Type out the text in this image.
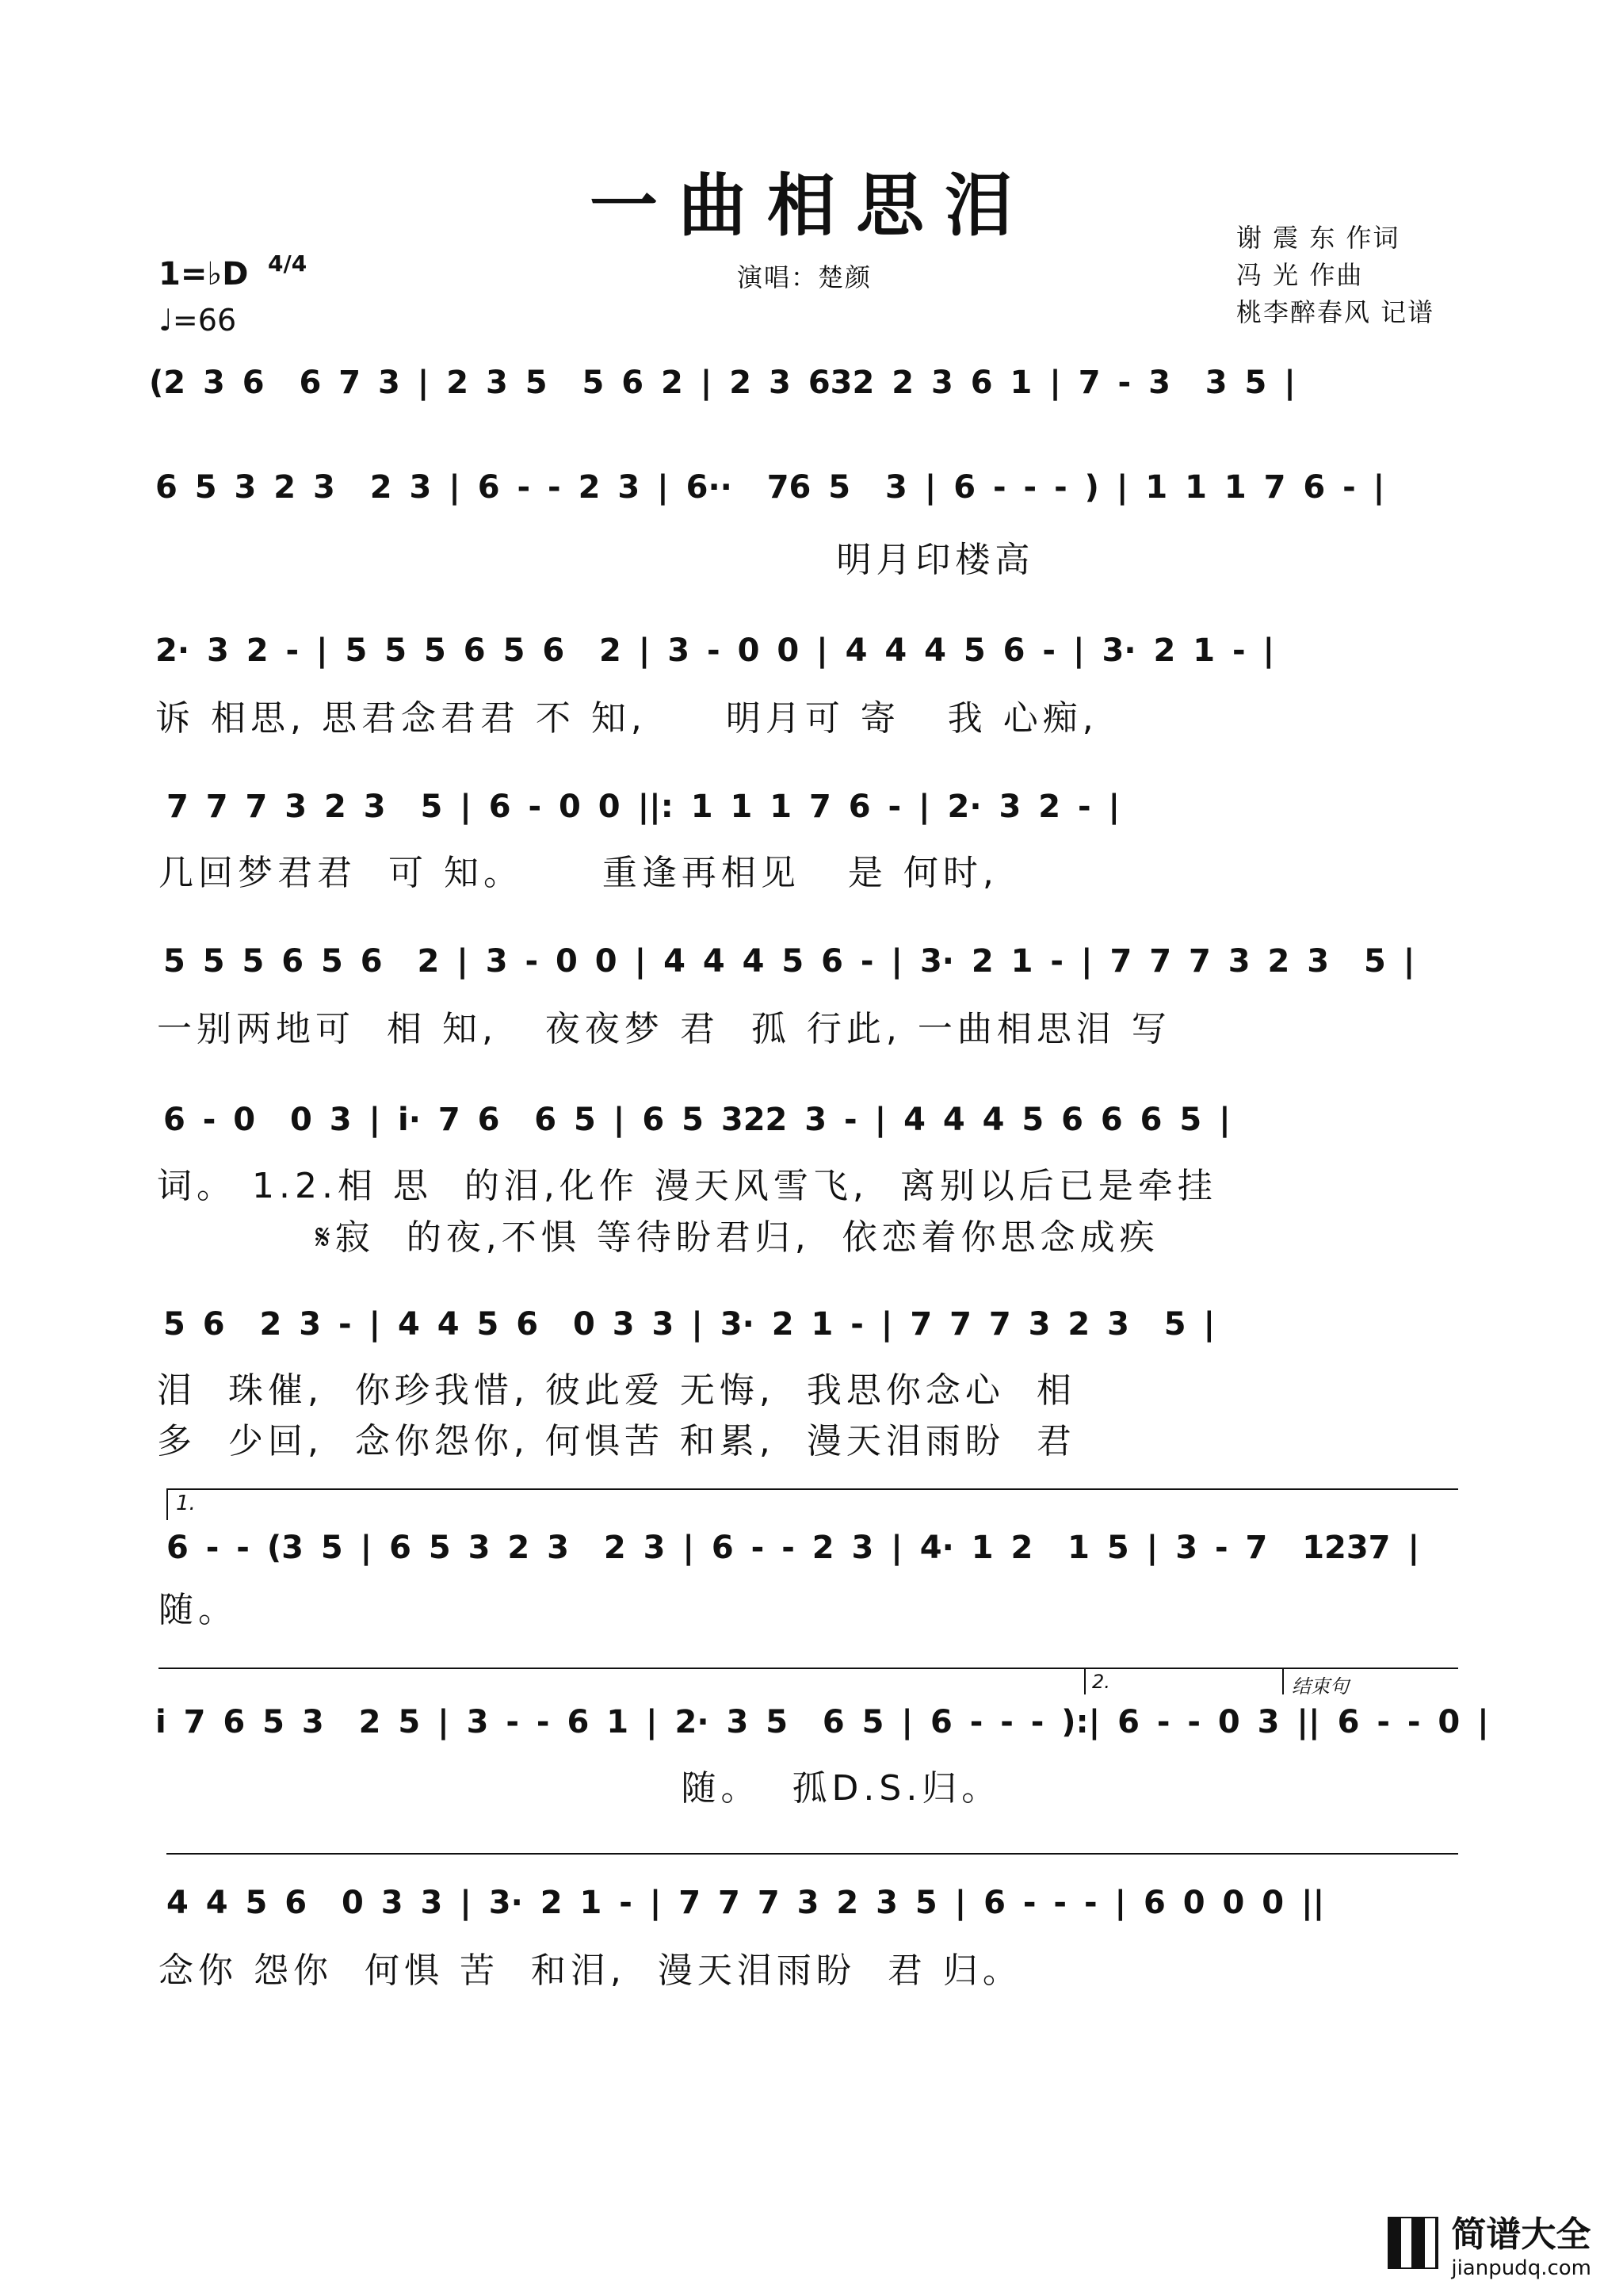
一曲相思泪
演唱：楚颜
谢 震 东 作词
冯 光 作曲
桃李醉春风 记谱
1=♭D 4/4
♩=66
(2 3 6  6 7 3 | 2 3 5  5 6 2 | 2 3 632 2 3 6 1 | 7 - 3  3 5 |
6 5 3 2 3  2 3 | 6 - - 2 3 | 6··  76 5  3 | 6 - - - ) | 1 1 1 7 6 - |
明月印楼高
2· 3 2 - | 5 5 5 6 5 6  2 | 3 - 0 0 | 4 4 4 5 6 - | 3· 2 1 - |
诉 相思, 思君念君君 不 知,     明月可 寄   我 心痴,
7 7 7 3 2 3  5 | 6 - 0 0 ||: 1 1 1 7 6 - | 2· 3 2 - |
几回梦君君  可 知。     重逢再相见   是 何时,
5 5 5 6 5 6  2 | 3 - 0 0 | 4 4 4 5 6 - | 3· 2 1 - | 7 7 7 3 2 3  5 |
一别两地可  相 知,   夜夜梦 君  孤 行此, 一曲相思泪 写
6 - 0  0 3 | i· 7 6  6 5 | 6 5 322 3 - | 4 4 4 5 6 6 6 5 |
词。 1.2.相 思  的泪,化作 漫天风雪飞,  离别以后已是牵挂
𝄋寂  的夜,不惧 等待盼君归,  依恋着你思念成疾
5 6  2 3 - | 4 4 5 6  0 3 3 | 3· 2 1 - | 7 7 7 3 2 3  5 |
泪  珠催,  你珍我惜, 彼此爱 无悔,  我思你念心  相
多  少回,  念你怨你, 何惧苦 和累,  漫天泪雨盼  君
1.
6 - - (3 5 | 6 5 3 2 3  2 3 | 6 - - 2 3 | 4· 1 2  1 5 | 3 - 7  1237 |
随。
2.	结束句
i 7 6 5 3  2 5 | 3 - - 6 1 | 2· 3 5  6 5 | 6 - - - ):| 6 - - 0 3 || 6 - - 0 |
随。  孤D.S.归。
4 4 5 6  0 3 3 | 3· 2 1 - | 7 7 7 3 2 3 5 | 6 - - - | 6 0 0 0 ||
念你 怨你  何惧 苦  和泪,  漫天泪雨盼  君 归。
简谱大全
jianpudq.com
